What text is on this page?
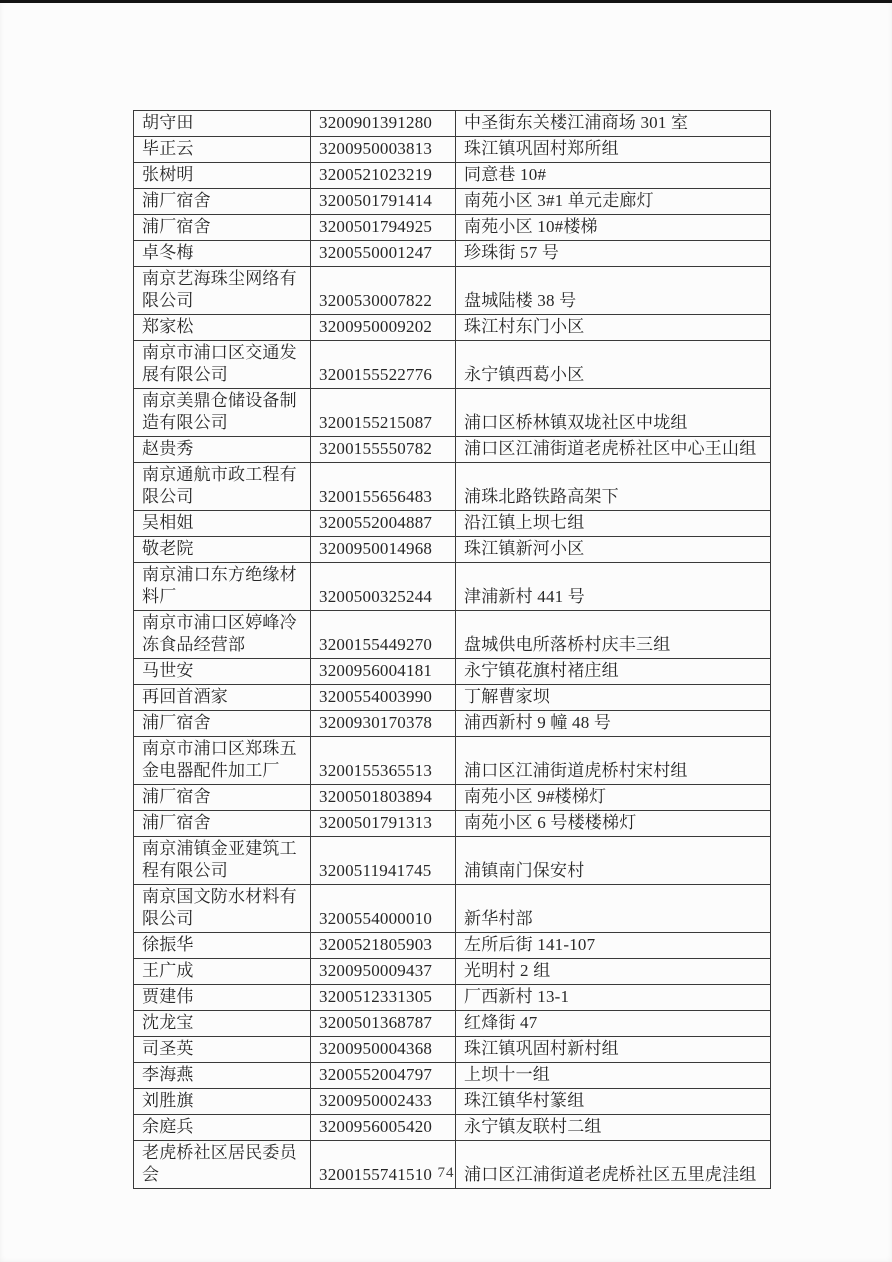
胡守田	3200901391280	中圣街东关楼江浦商场 301 室
毕正云	3200950003813	珠江镇巩固村郑所组
张树明	3200521023219	同意巷 10#
浦厂宿舍	3200501791414	南苑小区 3#1 单元走廊灯
浦厂宿舍	3200501794925	南苑小区 10#楼梯
卓冬梅	3200550001247	珍珠街 57 号
南京艺海珠尘网络有限公司	3200530007822	盘城陆楼 38 号
郑家松	3200950009202	珠江村东门小区
南京市浦口区交通发展有限公司	3200155522776	永宁镇西葛小区
南京美鼎仓储设备制造有限公司	3200155215087	浦口区桥林镇双垅社区中垅组
赵贵秀	3200155550782	浦口区江浦街道老虎桥社区中心王山组
南京通航市政工程有限公司	3200155656483	浦珠北路铁路高架下
吴相姐	3200552004887	沿江镇上坝七组
敬老院	3200950014968	珠江镇新河小区
南京浦口东方绝缘材料厂	3200500325244	津浦新村 441 号
南京市浦口区婷峰冷冻食品经营部	3200155449270	盘城供电所落桥村庆丰三组
马世安	3200956004181	永宁镇花旗村褚庄组
再回首酒家	3200554003990	丁解曹家坝
浦厂宿舍	3200930170378	浦西新村 9 幢 48 号
南京市浦口区郑珠五金电器配件加工厂	3200155365513	浦口区江浦街道虎桥村宋村组
浦厂宿舍	3200501803894	南苑小区 9#楼梯灯
浦厂宿舍	3200501791313	南苑小区 6 号楼楼梯灯
南京浦镇金亚建筑工程有限公司	3200511941745	浦镇南门保安村
南京国文防水材料有限公司	3200554000010	新华村部
徐振华	3200521805903	左所后街 141-107
王广成	3200950009437	光明村 2 组
贾建伟	3200512331305	厂西新村 13-1
沈龙宝	3200501368787	红烽街 47
司圣英	3200950004368	珠江镇巩固村新村组
李海燕	3200552004797	上坝十一组
刘胜旗	3200950002433	珠江镇华村篆组
余庭兵	3200956005420	永宁镇友联村二组
老虎桥社区居民委员会	3200155741510	浦口区江浦街道老虎桥社区五里虎洼组
74
